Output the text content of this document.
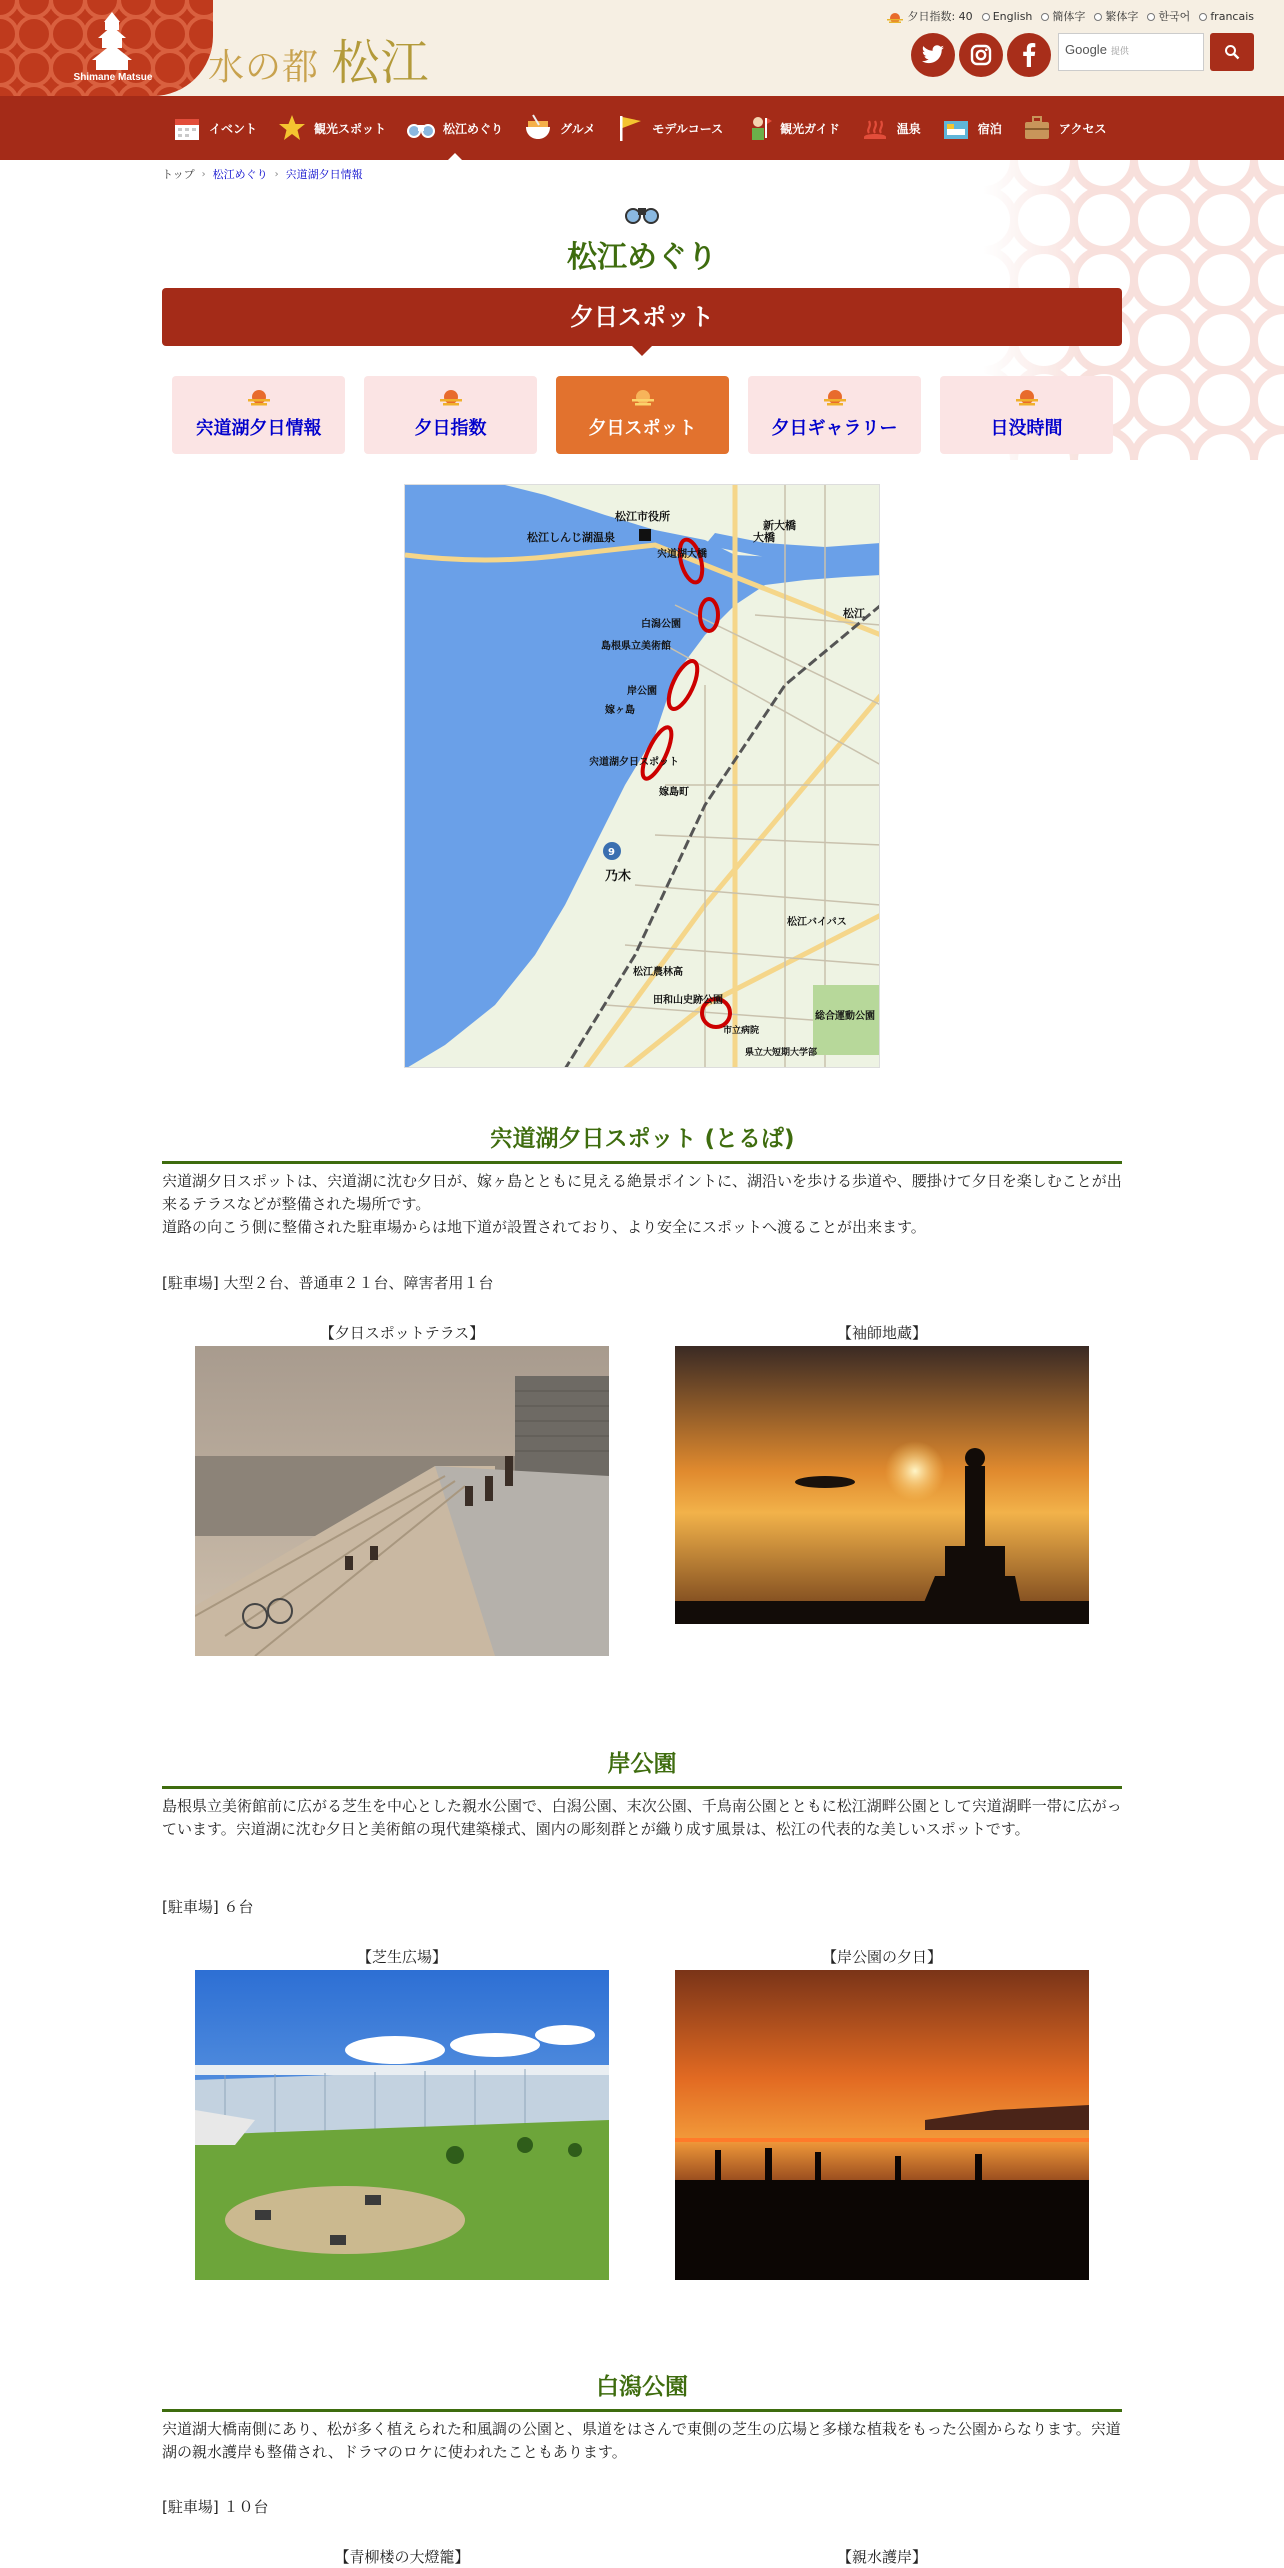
Shimane Matsue	水の都 松江
夕日指数: 40	English	簡体字	繁体字	한국어	francais
Google 提供
イベント	観光スポット	松江めぐり	グルメ	モデルコース	観光ガイド	温泉	宿泊	アクセス
トップ › 松江めぐり › 宍道湖夕日情報
松江めぐり
夕日スポット
宍道湖夕日情報	夕日指数	夕日スポット	夕日ギャラリー	日没時間
松江市役所
松江しんじ湖温泉	大橋
新大橋
宍道湖大橋
白潟公園
島根県立美術館
岸公園
嫁ヶ島
宍道湖夕日スポット
松江
嫁島町
乃木
松江バイパス
松江農林高
田和山史跡公園
市立病院
県立大短期大学部
総合運動公園
9
宍道湖夕日スポット (とるぱ)
宍道湖夕日スポットは、宍道湖に沈む夕日が、嫁ヶ島とともに見える絶景ポイントに、湖沿いを歩ける歩道や、腰掛けて夕日を楽しむことが出来るテラスなどが整備された場所です。
道路の向こう側に整備された駐車場からは地下道が設置されており、より安全にスポットへ渡ることが出来ます。
[駐車場] 大型２台、普通車２１台、障害者用１台
【夕日スポットテラス】	【袖師地蔵】
岸公園
島根県立美術館前に広がる芝生を中心とした親水公園で、白潟公園、末次公園、千鳥南公園とともに松江湖畔公園として宍道湖畔一帯に広がっています。宍道湖に沈む夕日と美術館の現代建築様式、園内の彫刻群とが織り成す風景は、松江の代表的な美しいスポットです。
[駐車場] ６台
【芝生広場】	【岸公園の夕日】
白潟公園
宍道湖大橋南側にあり、松が多く植えられた和風調の公園と、県道をはさんで東側の芝生の広場と多様な植栽をもった公園からなります。宍道湖の親水護岸も整備され、ドラマのロケに使われたこともあります。
[駐車場] １０台
【青柳楼の大燈籠】	【親水護岸】
